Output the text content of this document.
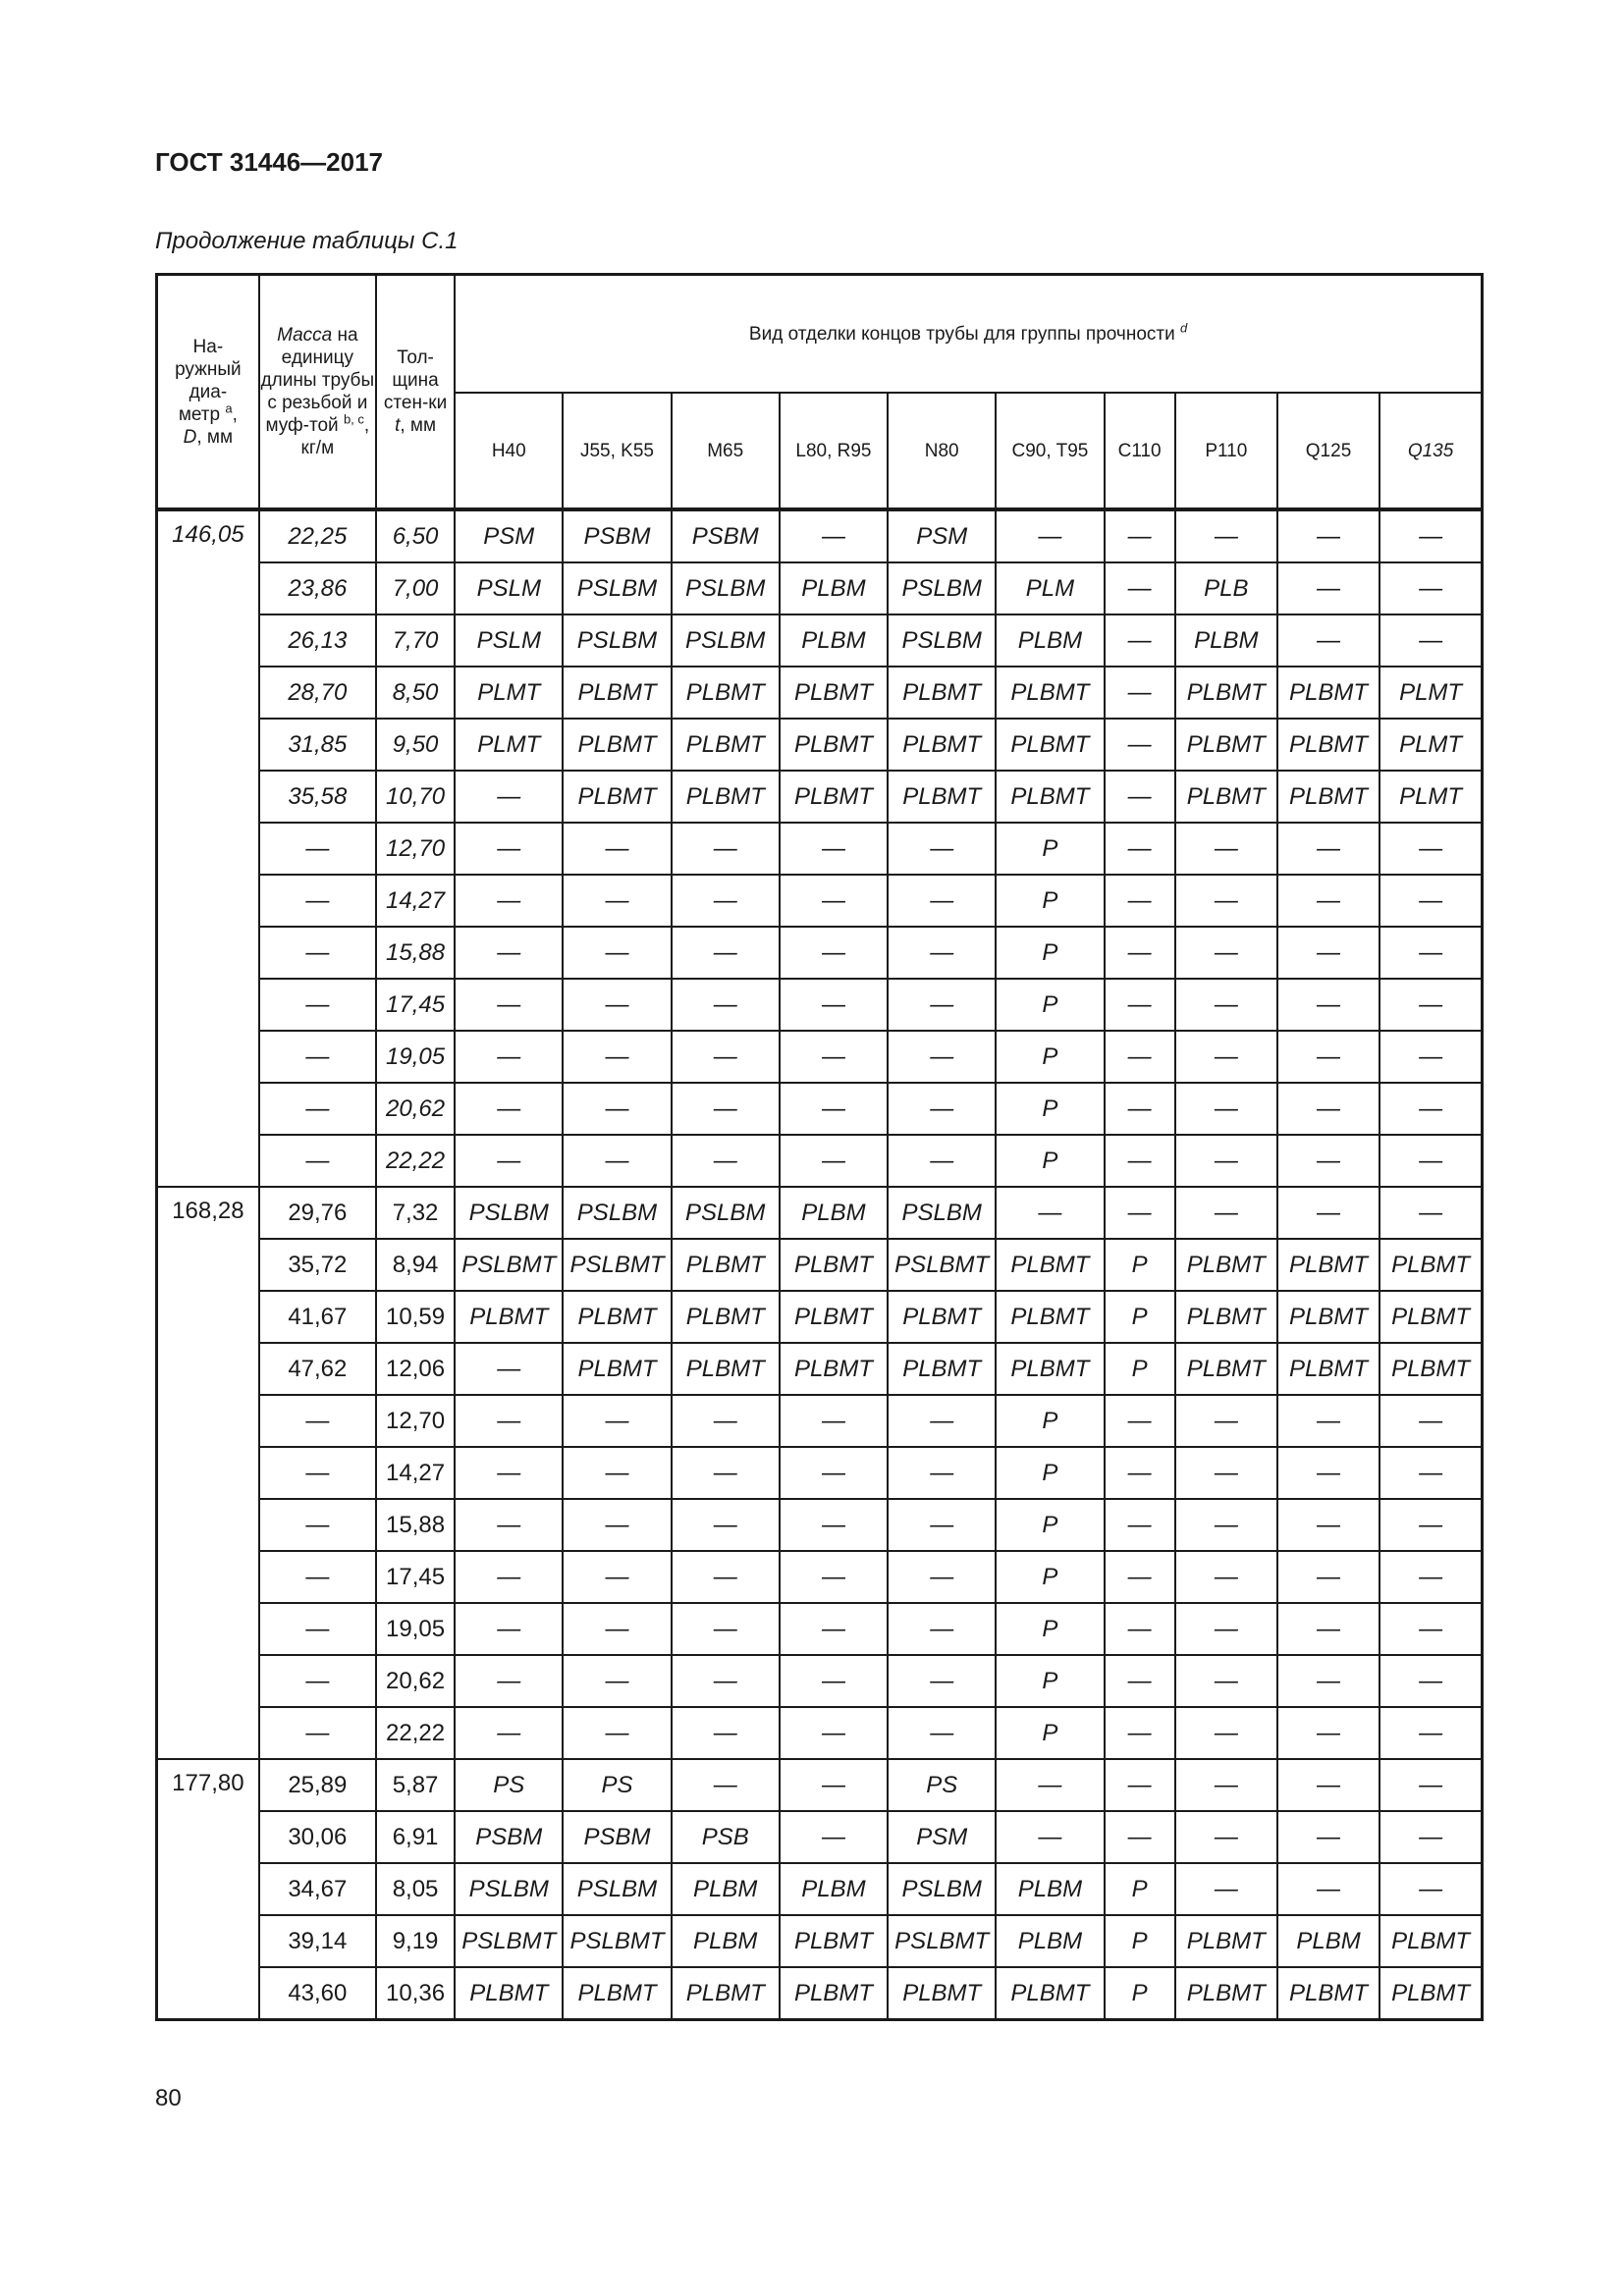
ГОСТ 31446—2017
Продолжение таблицы С.1
На-
ружный
диа-
метр $^a$,
D, мм	Масса на единицу длины трубы с резьбой и муф-той $^{b, c}$, кг/м	Тол-щина стен-ки
t, мм	Вид отделки концов трубы для группы прочности $^d$
			Н40	J55, K55	M65	L80, R95	N80	C90, T95	C110	P110	Q125	Q135
146,05	22,25	6,50	PSM	PSBM	PSBM	—	PSM	—	—	—	—	—
	23,86	7,00	PSLM	PSLBM	PSLBM	PLBM	PSLBM	PLM	—	PLB	—	—
	26,13	7,70	PSLM	PSLBM	PSLBM	PLBM	PSLBM	PLBM	—	PLBM	—	—
	28,70	8,50	PLMT	PLBMT	PLBMT	PLBMT	PLBMT	PLBMT	—	PLBMT	PLBMT	PLMT
	31,85	9,50	PLMT	PLBMT	PLBMT	PLBMT	PLBMT	PLBMT	—	PLBMT	PLBMT	PLMT
	35,58	10,70	—	PLBMT	PLBMT	PLBMT	PLBMT	PLBMT	—	PLBMT	PLBMT	PLMT
	—	12,70	—	—	—	—	—	P	—	—	—	—
	—	14,27	—	—	—	—	—	P	—	—	—	—
	—	15,88	—	—	—	—	—	P	—	—	—	—
	—	17,45	—	—	—	—	—	P	—	—	—	—
	—	19,05	—	—	—	—	—	P	—	—	—	—
	—	20,62	—	—	—	—	—	P	—	—	—	—
	—	22,22	—	—	—	—	—	P	—	—	—	—
168,28	29,76	7,32	PSLBM	PSLBM	PSLBM	PLBM	PSLBM	—	—	—	—	—
	35,72	8,94	PSLBMT	PSLBMT	PLBMT	PLBMT	PSLBMT	PLBMT	P	PLBMT	PLBMT	PLBMT
	41,67	10,59	PLBMT	PLBMT	PLBMT	PLBMT	PLBMT	PLBMT	P	PLBMT	PLBMT	PLBMT
	47,62	12,06	—	PLBMT	PLBMT	PLBMT	PLBMT	PLBMT	P	PLBMT	PLBMT	PLBMT
	—	12,70	—	—	—	—	—	P	—	—	—	—
	—	14,27	—	—	—	—	—	P	—	—	—	—
	—	15,88	—	—	—	—	—	P	—	—	—	—
	—	17,45	—	—	—	—	—	P	—	—	—	—
	—	19,05	—	—	—	—	—	P	—	—	—	—
	—	20,62	—	—	—	—	—	P	—	—	—	—
	—	22,22	—	—	—	—	—	P	—	—	—	—
177,80	25,89	5,87	PS	PS	—	—	PS	—	—	—	—	—
	30,06	6,91	PSBM	PSBM	PSB	—	PSM	—	—	—	—	—
	34,67	8,05	PSLBM	PSLBM	PLBM	PLBM	PSLBM	PLBM	P	—	—	—
	39,14	9,19	PSLBMT	PSLBMT	PLBM	PLBMT	PSLBMT	PLBM	P	PLBMT	PLBM	PLBMT
	43,60	10,36	PLBMT	PLBMT	PLBMT	PLBMT	PLBMT	PLBMT	P	PLBMT	PLBMT	PLBMT
80
